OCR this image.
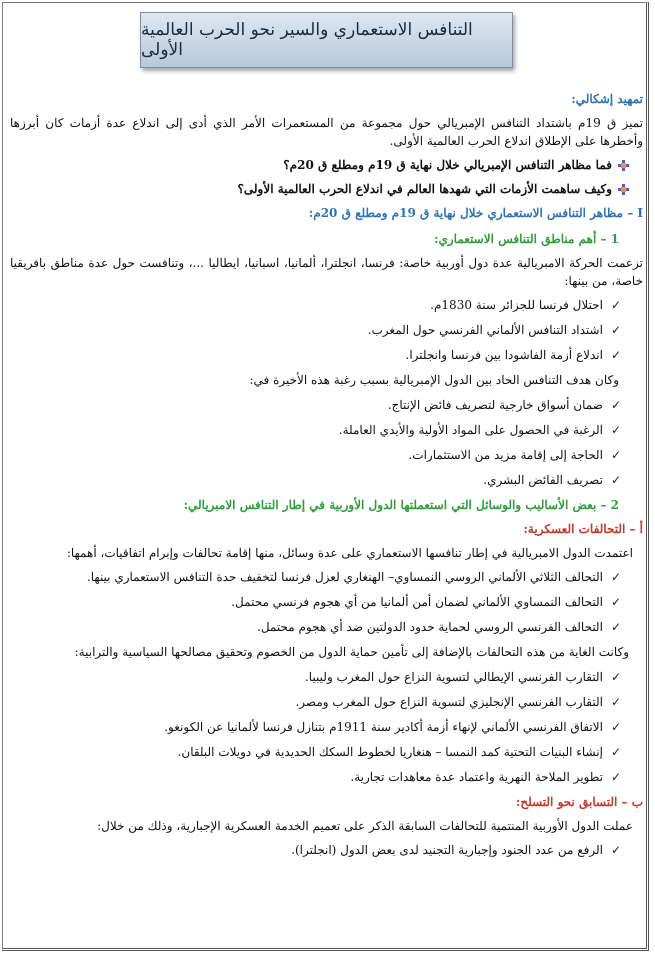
التنافس الاستعماري والسير نحو الحرب العالمية الأولى
تمهيد إشكالي:
تميز ق 19م باشتداد التنافس الإمبريالي حول مجموعة من المستعمرات الأمر الذي أدى إلى اندلاع عدة أزمات كان أبرزها وأخطرها على الإطلاق اندلاع الحرب العالمية الأولى.
فما مظاهر التنافس الإمبريالي خلال نهاية ق 19م ومطلع ق 20م؟
وكيف ساهمت الأزمات التي شهدها العالم في اندلاع الحرب العالمية الأولى؟
I – مظاهر التنافس الاستعماري خلال نهاية ق 19م ومطلع ق 20م:
1 – أهم مناطق التنافس الاستعماري:
تزعمت الحركة الامبريالية عدة دول أوربية خاصة: فرنسا، انجلترا، ألمانيا، اسبانيا، ايطاليا ...، وتنافست حول عدة مناطق بافريقيا خاصة، من بينها:
✓
احتلال فرنسا للجزائر سنة 1830م.
✓
اشتداد التنافس الألماني الفرنسي حول المغرب.
✓
اندلاع أزمة الفاشودا بين فرنسا وانجلترا.
وكان هدف التنافس الحاد بين الدول الإمبريالية بسبب رغبة هذه الأخيرة في:
✓
ضمان أسواق خارجية لتصريف فائض الإنتاج.
✓
الرغبة في الحصول على المواد الأولية والأيدي العاملة.
✓
الحاجة إلى إقامة مزيد من الاستثمارات.
✓
تصريف الفائض البشري.
2 – بعض الأساليب والوسائل التي استعملتها الدول الأوربية في إطار التنافس الامبريالي:
أ – التحالفات العسكرية:
اعتمدت الدول الامبريالية في إطار تنافسها الاستعماري على عدة وسائل، منها إقامة تحالفات وإبرام اتفاقيات، أهمها:
✓
التحالف الثلاثي الألماني الروسي النمساوي– الهنغاري لعزل فرنسا لتخفيف حدة التنافس الاستعماري بينها.
✓
التحالف النمساوي الألماني لضمان أمن ألمانيا من أي هجوم فرنسي محتمل.
✓
التحالف الفرنسي الروسي لحماية حدود الدولتين ضد أي هجوم محتمل.
وكانت الغاية من هذه التحالفات بالإضافة إلى تأمين حماية الدول من الخصوم وتحقيق مصالحها السياسية والترابية:
✓
التقارب الفرنسي الإيطالي لتسوية النزاع حول المغرب وليبيا.
✓
التقارب الفرنسي الإنجليزي لتسوية النزاع حول المغرب ومصر.
✓
الاتفاق الفرنسي الألماني لإنهاء أزمة أكادير سنة 1911م بتنازل فرنسا لألمانيا عن الكونغو.
✓
إنشاء البنيات التحتية كمد النمسا – هنغاريا لخطوط السكك الحديدية في دويلات البلقان.
✓
تطوير الملاحة النهرية واعتماد عدة معاهدات تجارية.
ب – التسابق نحو التسلح:
عملت الدول الأوربية المنتمية للتحالفات السابقة الذكر على تعميم الخدمة العسكرية الإجبارية، وذلك من خلال:
✓
الرفع من عدد الجنود وإجبارية التجنيد لدى بعض الدول (انجلترا).
